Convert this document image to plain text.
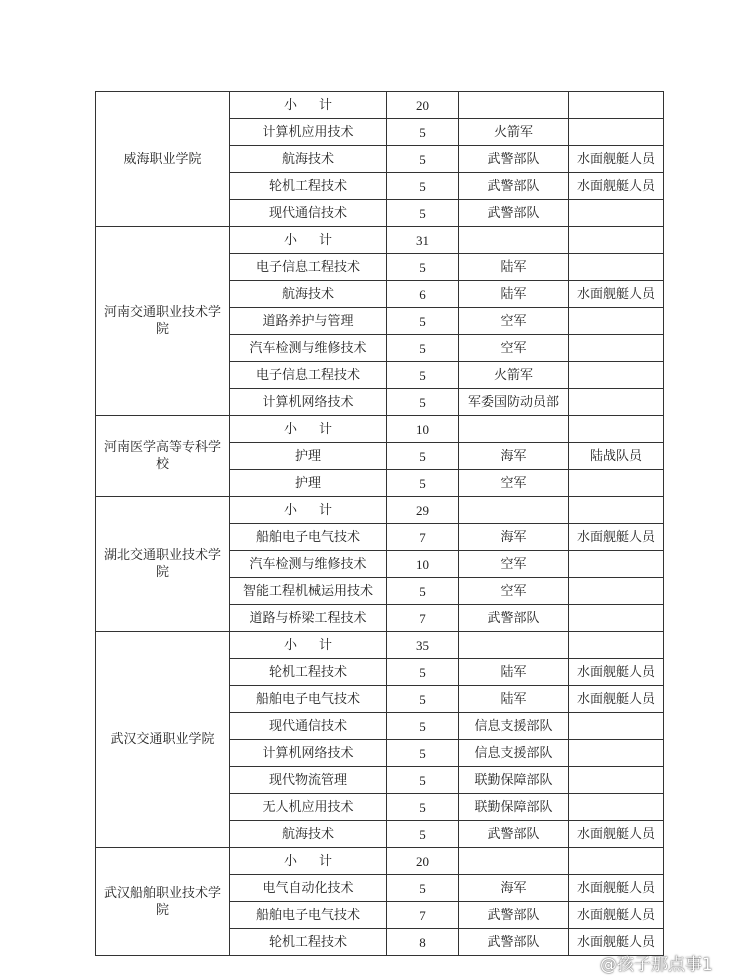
威海职业学院	小计	20		
	计算机应用技术	5	火箭军	
	航海技术	5	武警部队	水面舰艇人员
	轮机工程技术	5	武警部队	水面舰艇人员
	现代通信技术	5	武警部队	
河南交通职业技术学院	小计	31		
	电子信息工程技术	5	陆军	
	航海技术	6	陆军	水面舰艇人员
	道路养护与管理	5	空军	
	汽车检测与维修技术	5	空军	
	电子信息工程技术	5	火箭军	
	计算机网络技术	5	军委国防动员部	
河南医学高等专科学校	小计	10		
	护理	5	海军	陆战队员
	护理	5	空军	
湖北交通职业技术学院	小计	29		
	船舶电子电气技术	7	海军	水面舰艇人员
	汽车检测与维修技术	10	空军	
	智能工程机械运用技术	5	空军	
	道路与桥梁工程技术	7	武警部队	
武汉交通职业学院	小计	35		
	轮机工程技术	5	陆军	水面舰艇人员
	船舶电子电气技术	5	陆军	水面舰艇人员
	现代通信技术	5	信息支援部队	
	计算机网络技术	5	信息支援部队	
	现代物流管理	5	联勤保障部队	
	无人机应用技术	5	联勤保障部队	
	航海技术	5	武警部队	水面舰艇人员
武汉船舶职业技术学院	小计	20		
	电气自动化技术	5	海军	水面舰艇人员
	船舶电子电气技术	7	武警部队	水面舰艇人员
	轮机工程技术	8	武警部队	水面舰艇人员
@孩子那点事1
